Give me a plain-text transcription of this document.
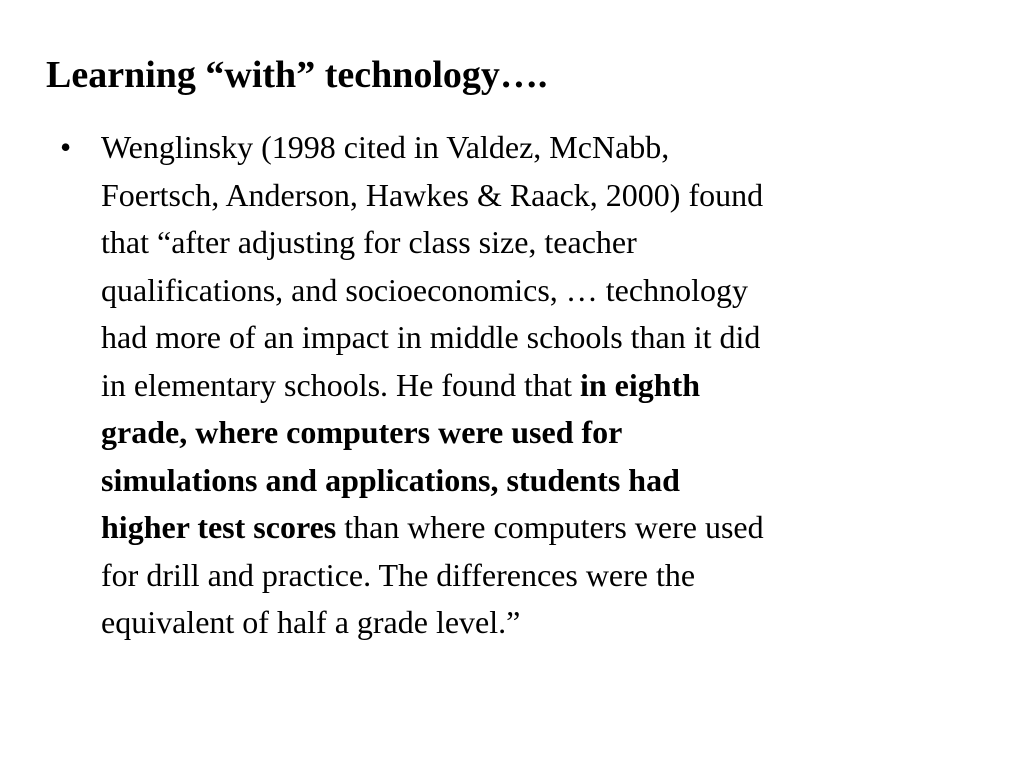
Learning “with” technology….
• Wenglinsky (1998 cited in Valdez, McNabb,
Foertsch, Anderson, Hawkes & Raack, 2000) found
that “after adjusting for class size, teacher
qualifications, and socioeconomics, … technology
had more of an impact in middle schools than it did
in elementary schools. He found that in eighth
grade, where computers were used for
simulations and applications, students had
higher test scores than where computers were used
for drill and practice. The differences were the
equivalent of half a grade level.”
